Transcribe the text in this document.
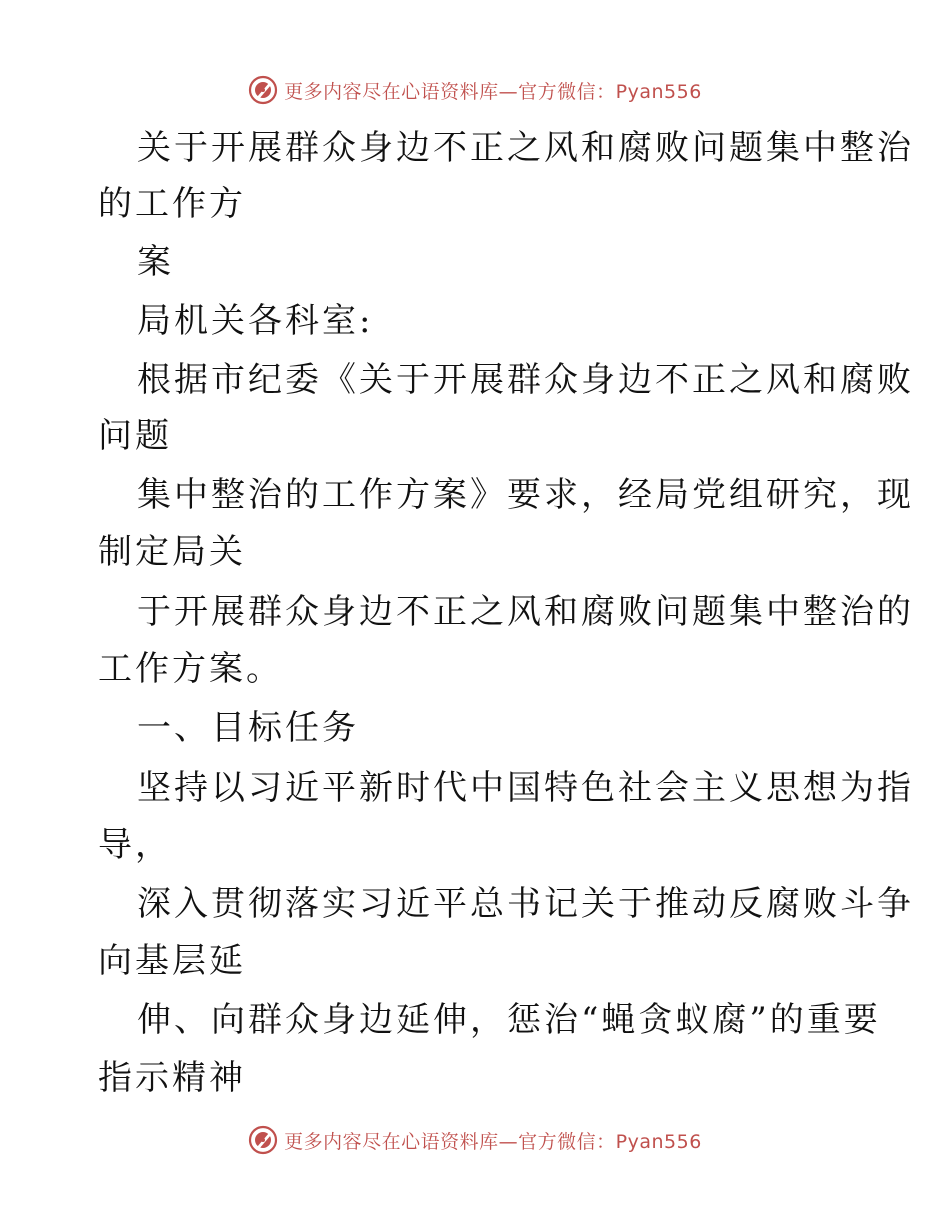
更多内容尽在心语资料库—官方微信：Pyan556
关于开展群众身边不正之风和腐败问题集中整治
的工作方
案
局机关各科室:
根据市纪委《关于开展群众身边不正之风和腐败
问题
集中整治的工作方案》要求，经局党组研究，现
制定局关
于开展群众身边不正之风和腐败问题集中整治的
工作方案。
一、目标任务
坚持以习近平新时代中国特色社会主义思想为指
导，
深入贯彻落实习近平总书记关于推动反腐败斗争
向基层延
伸、向群众身边延伸，惩治“蝇贪蚁腐”的重要
指示精神
更多内容尽在心语资料库—官方微信：Pyan556
